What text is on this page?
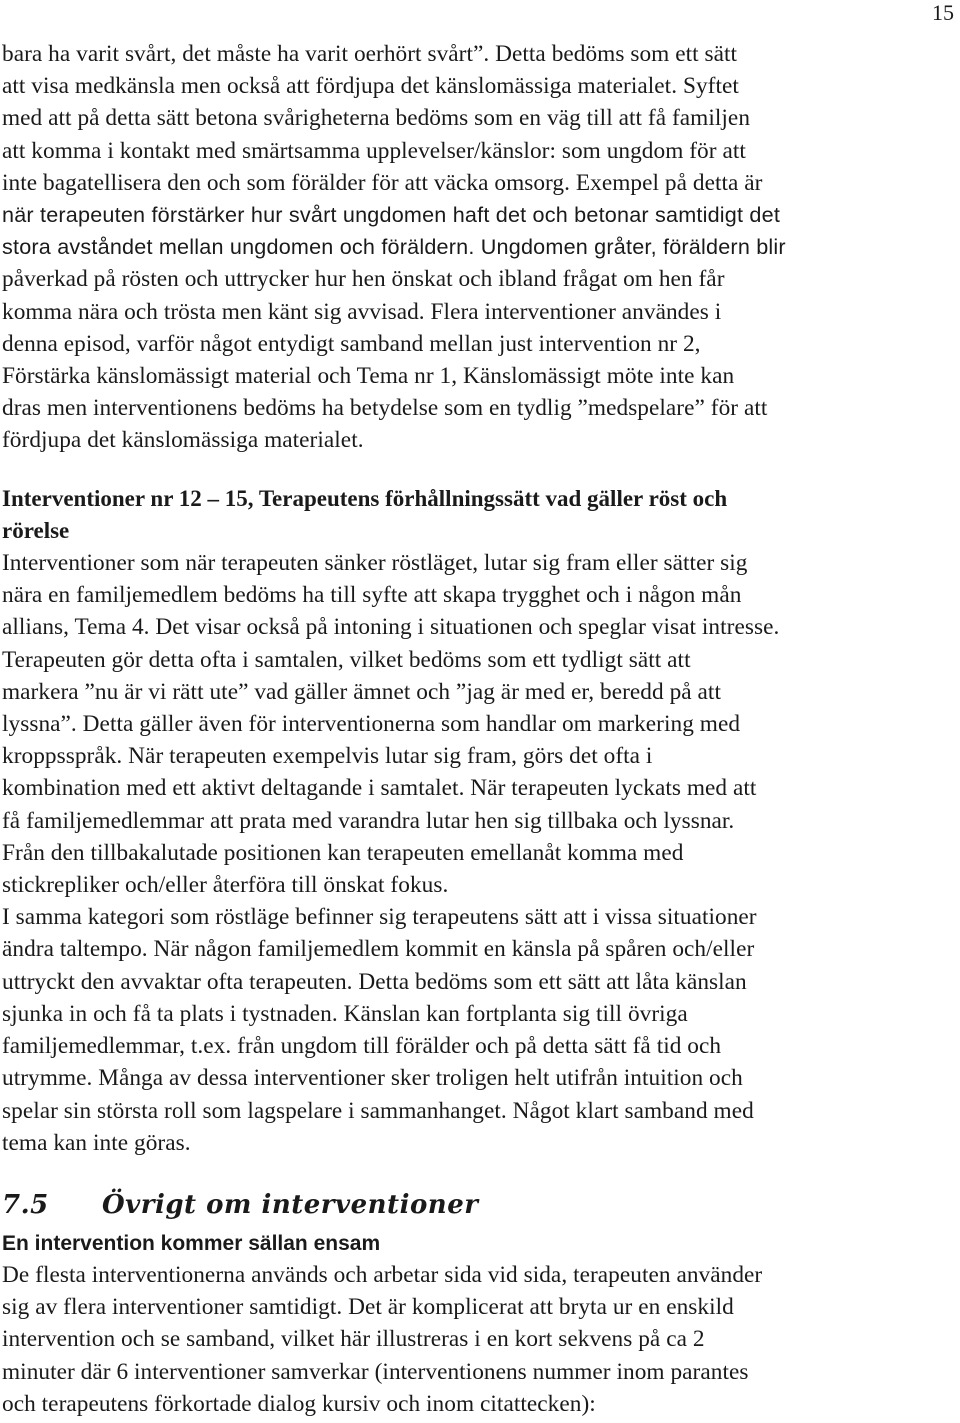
15
bara ha varit svårt, det måste ha varit oerhört svårt”. Detta bedöms som ett sätt
att visa medkänsla men också att fördjupa det känslomässiga materialet. Syftet
med att på detta sätt betona svårigheterna bedöms som en väg till att få familjen
att komma i kontakt med smärtsamma upplevelser/känslor: som ungdom för att
inte bagatellisera den och som förälder för att väcka omsorg. Exempel på detta är
när terapeuten förstärker hur svårt ungdomen haft det och betonar samtidigt det
stora avståndet mellan ungdomen och föräldern. Ungdomen gråter, föräldern blir
påverkad på rösten och uttrycker hur hen önskat och ibland frågat om hen får
komma nära och trösta men känt sig avvisad. Flera interventioner användes i
denna episod, varför något entydigt samband mellan just intervention nr 2,
Förstärka känslomässigt material och Tema nr 1, Känslomässigt möte inte kan
dras men interventionens bedöms ha betydelse som en tydlig ”medspelare” för att
fördjupa det känslomässiga materialet.
Interventioner nr 12 – 15, Terapeutens förhållningssätt vad gäller röst och
rörelse
Interventioner som när terapeuten sänker röstläget, lutar sig fram eller sätter sig
nära en familjemedlem bedöms ha till syfte att skapa trygghet och i någon mån
allians, Tema 4. Det visar också på intoning i situationen och speglar visat intresse.
Terapeuten gör detta ofta i samtalen, vilket bedöms som ett tydligt sätt att
markera ”nu är vi rätt ute” vad gäller ämnet och ”jag är med er, beredd på att
lyssna”. Detta gäller även för interventionerna som handlar om markering med
kroppsspråk. När terapeuten exempelvis lutar sig fram, görs det ofta i
kombination med ett aktivt deltagande i samtalet. När terapeuten lyckats med att
få familjemedlemmar att prata med varandra lutar hen sig tillbaka och lyssnar.
Från den tillbakalutade positionen kan terapeuten emellanåt komma med
stickrepliker och/eller återföra till önskat fokus.
I samma kategori som röstläge befinner sig terapeutens sätt att i vissa situationer
ändra taltempo. När någon familjemedlem kommit en känsla på spåren och/eller
uttryckt den avvaktar ofta terapeuten. Detta bedöms som ett sätt att låta känslan
sjunka in och få ta plats i tystnaden. Känslan kan fortplanta sig till övriga
familjemedlemmar, t.ex. från ungdom till förälder och på detta sätt få tid och
utrymme. Många av dessa interventioner sker troligen helt utifrån intuition och
spelar sin största roll som lagspelare i sammanhanget. Något klart samband med
tema kan inte göras.
7.5 Övrigt om interventioner
En intervention kommer sällan ensam
De flesta interventionerna används och arbetar sida vid sida, terapeuten använder
sig av flera interventioner samtidigt. Det är komplicerat att bryta ur en enskild
intervention och se samband, vilket här illustreras i en kort sekvens på ca 2
minuter där 6 interventioner samverkar (interventionens nummer inom parantes
och terapeutens förkortade dialog kursiv och inom citattecken):
